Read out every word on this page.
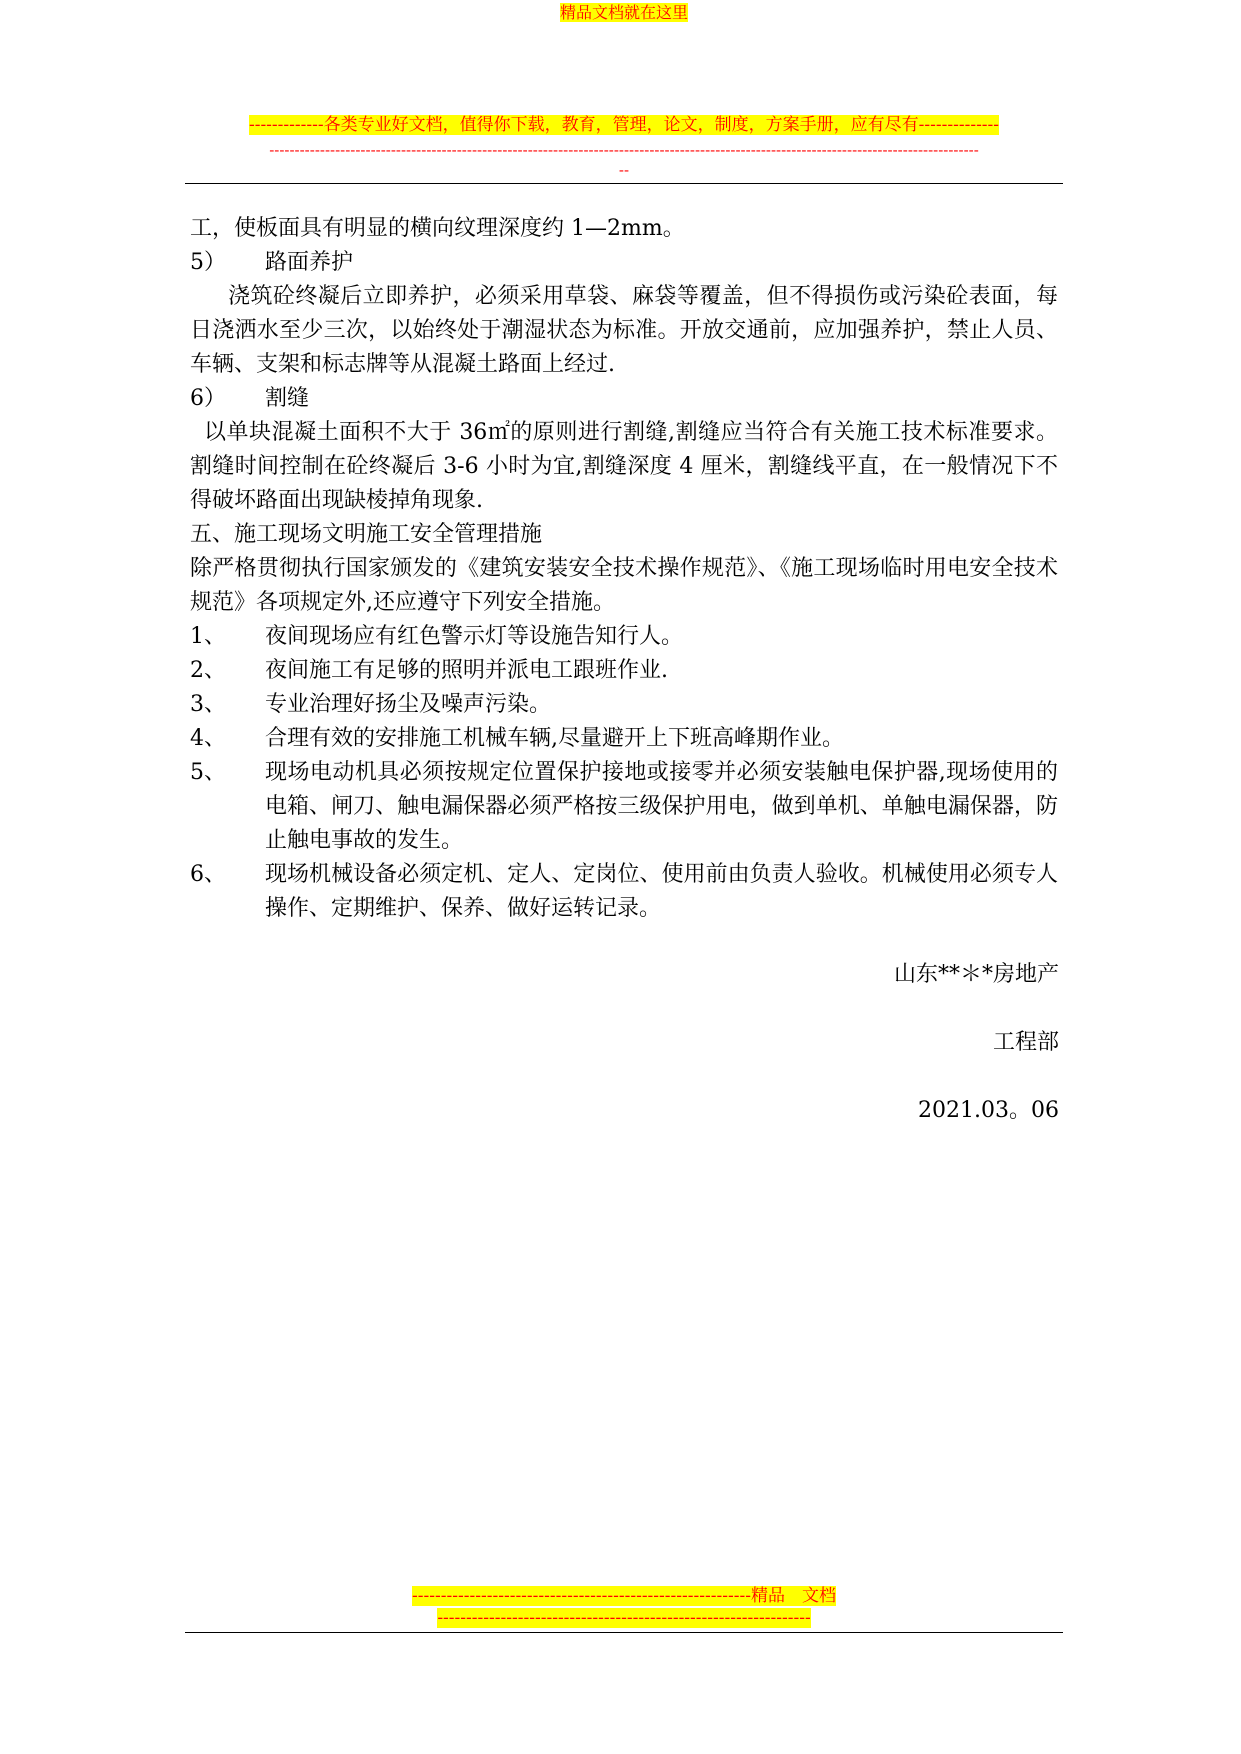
精品文档就在这里
-------------各类专业好文档，值得你下载，教育，管理，论文，制度，方案手册，应有尽有--------------
--------------------------------------------------------------------------------------------------------------------------------------------
--

工，使板面具有明显的横向纹理深度约 1—2mm。

5）	路面养护

浇筑砼终凝后立即养护，必须采用草袋、麻袋等覆盖，但不得损伤或污染砼表面，每日浇洒水至少三次，以始终处于潮湿状态为标准。开放交通前，应加强养护，禁止人员、车辆、支架和标志牌等从混凝土路面上经过.

6）	割缝

以单块混凝土面积不大于 36㎡的原则进行割缝,割缝应当符合有关施工技术标准要求。割缝时间控制在砼终凝后 3-6 小时为宜,割缝深度 4 厘米，割缝线平直，在一般情况下不得破坏路面出现缺棱掉角现象.

五、施工现场文明施工安全管理措施

除严格贯彻执行国家颁发的《建筑安装安全技术操作规范》、《施工现场临时用电安全技术规范》各项规定外,还应遵守下列安全措施。

1、	夜间现场应有红色警示灯等设施告知行人。
2、	夜间施工有足够的照明并派电工跟班作业.
3、	专业治理好扬尘及噪声污染。
4、	合理有效的安排施工机械车辆,尽量避开上下班高峰期作业。
5、	现场电动机具必须按规定位置保护接地或接零并必须安装触电保护器,现场使用的电箱、闸刀、触电漏保器必须严格按三级保护用电，做到单机、单触电漏保器，防止触电事故的发生。
6、	现场机械设备必须定机、定人、定岗位、使用前由负责人验收。机械使用必须专人操作、定期维护、保养、做好运转记录。
山东**＊*房地产
工程部
2021.03。06
-----------------------------------------------------------精品　文档
-----------------------------------------------------------------
